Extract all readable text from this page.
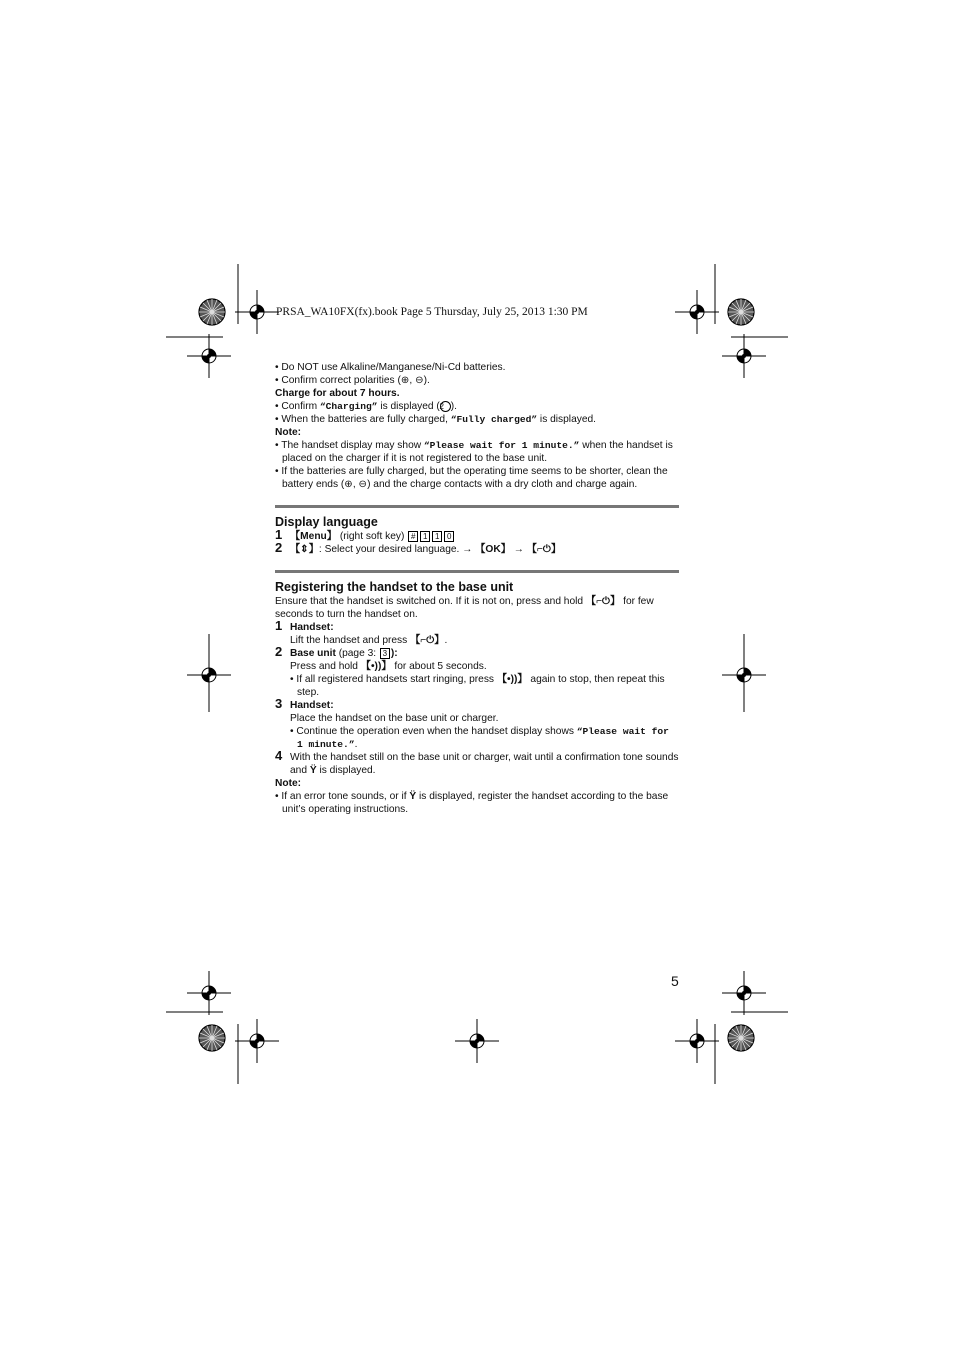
PRSA_WA10FX(fx).book Page 5 Thursday, July 25, 2013 1:30 PM

• Do NOT use Alkaline/Manganese/Ni-Cd batteries.

• Confirm correct polarities (⊕, ⊖).

Charge for about 7 hours.

• Confirm “Charging” is displayed (2 ).

• When the batteries are fully charged, “Fully charged” is displayed.

Note:

• The handset display may show “Please wait for 1 minute.” when the handset is placed on the charger if it is not registered to the base unit.

• If the batteries are fully charged, but the operating time seems to be shorter, clean the battery ends (⊕, ⊖) and the charge contacts with a dry cloth and charge again.

Display language

1 【Menu】 (right soft key) # 1 1 0
2 【⇕】: Select your desired language. → 【OK】 → 【⌐⏻】

Registering the handset to the base unit

Ensure that the handset is switched on. If it is not on, press and hold 【⌐⏻】 for few seconds to turn the handset on.

1 Handset:

Lift the handset and press 【⌐⏻】.

2 Base unit (page 3: 3 ):

Press and hold 【•))】 for about 5 seconds.

• If all registered handsets start ringing, press 【•))】 again to stop, then repeat this step.

3 Handset:

Place the handset on the base unit or charger.

• Continue the operation even when the handset display shows “Please wait for 1 minute.”.

4 With the handset still on the base unit or charger, wait until a confirmation tone sounds and Ÿ is displayed.

Note:

• If an error tone sounds, or if Ÿ is displayed, register the handset according to the base unit’s operating instructions.

5
